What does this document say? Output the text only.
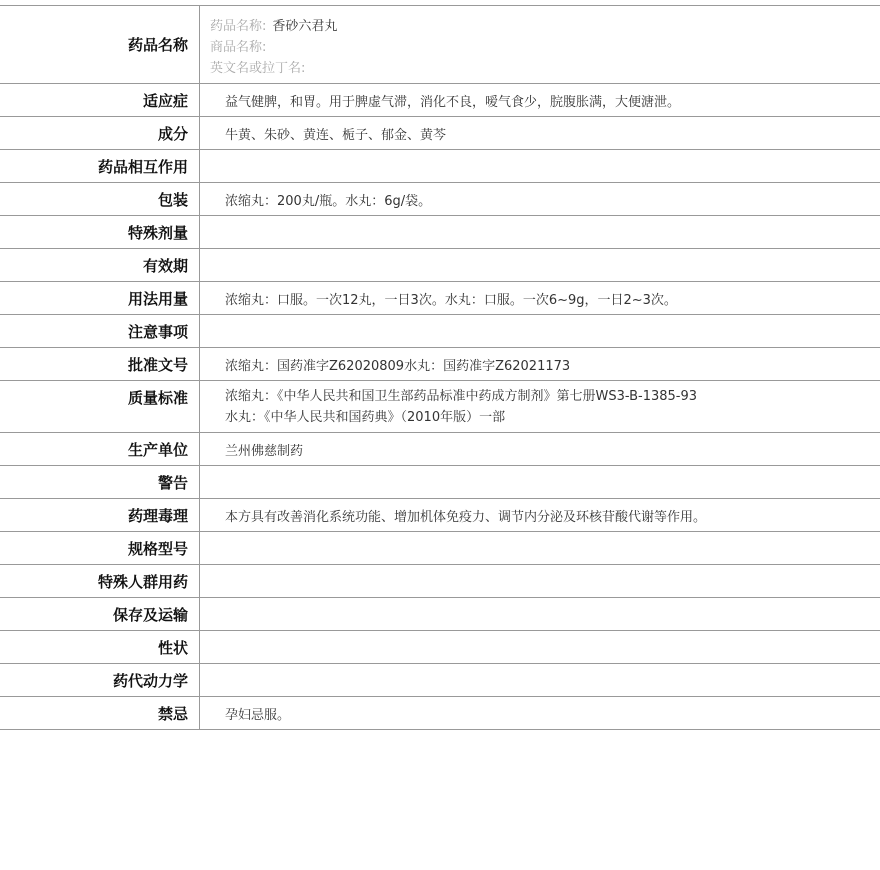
药品名称
药品名称: 香砂六君丸
商品名称:
英文名或拉丁名:
适应症	益气健脾，和胃。用于脾虚气滞，消化不良，嗳气食少，脘腹胀满，大便溏泄。
成分	牛黄、朱砂、黄连、栀子、郁金、黄芩
药品相互作用
包装	浓缩丸：200丸/瓶。水丸：6g/袋。
特殊剂量
有效期
用法用量	浓缩丸：口服。一次12丸，一日3次。水丸：口服。一次6~9g，一日2~3次。
注意事项
批准文号	浓缩丸：国药准字Z62020809水丸：国药准字Z62021173
质量标准	浓缩丸：《中华人民共和国卫生部药品标准中药成方制剂》第七册WS3-B-1385-93
水丸：《中华人民共和国药典》（2010年版）一部
生产单位	兰州佛慈制药
警告
药理毒理	本方具有改善消化系统功能、增加机体免疫力、调节内分泌及环核苷酸代谢等作用。
规格型号
特殊人群用药
保存及运输
性状
药代动力学
禁忌	孕妇忌服。
